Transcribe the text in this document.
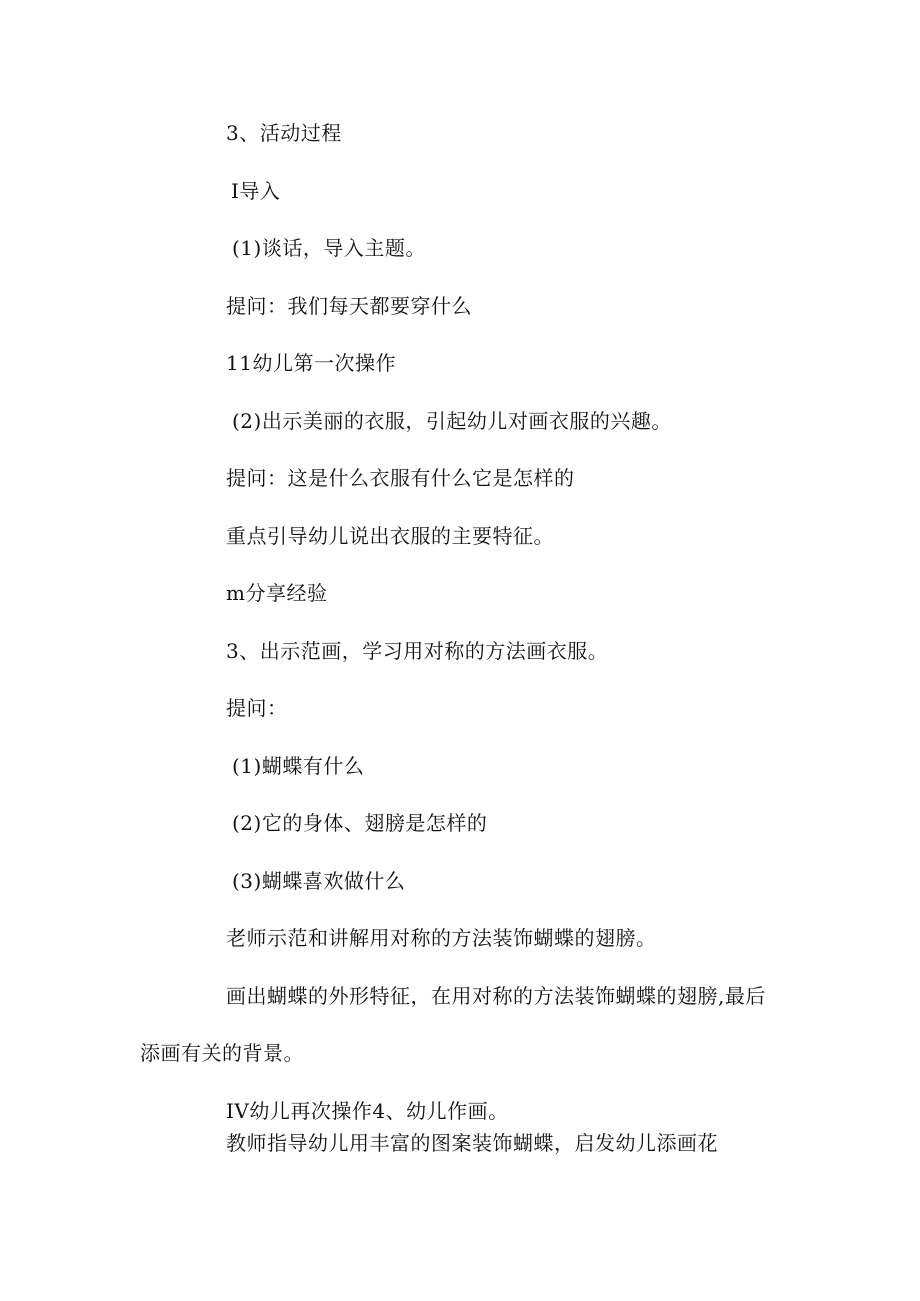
3、活动过程
I导入
(1)谈话，导入主题。
提问：我们每天都要穿什么
11幼儿第一次操作
(2)出示美丽的衣服，引起幼儿对画衣服的兴趣。
提问：这是什么衣服有什么它是怎样的
重点引导幼儿说出衣服的主要特征。
m分享经验
3、出示范画，学习用对称的方法画衣服。
提问：
(1)蝴蝶有什么
(2)它的身体、翅膀是怎样的
(3)蝴蝶喜欢做什么
老师示范和讲解用对称的方法装饰蝴蝶的翅膀。
画出蝴蝶的外形特征，在用对称的方法装饰蝴蝶的翅膀,最后
添画有关的背景。
IV幼儿再次操作4、幼儿作画。
教师指导幼儿用丰富的图案装饰蝴蝶，启发幼儿添画花
